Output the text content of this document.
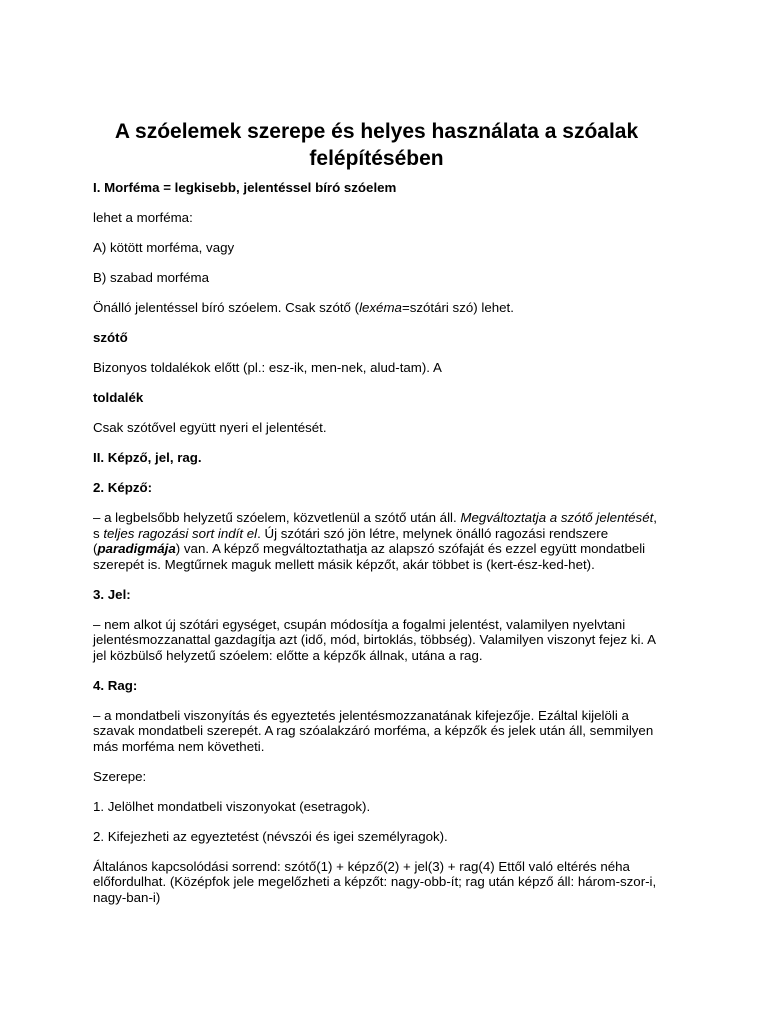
A szóelemek szerepe és helyes használata a szóalak felépítésében

I. Morféma = legkisebb, jelentéssel bíró szóelem

lehet a morféma:

A) kötött morféma, vagy

B) szabad morféma

Önálló jelentéssel bíró szóelem. Csak szótő (lexéma=szótári szó) lehet.

szótő

Bizonyos toldalékok előtt (pl.: esz-ik, men-nek, alud-tam). A

toldalék

Csak szótővel együtt nyeri el jelentését.

II. Képző, jel, rag.

2. Képző:

– a legbelsőbb helyzetű szóelem, közvetlenül a szótő után áll. Megváltoztatja a szótő jelentését, s teljes ragozási sort indít el. Új szótári szó jön létre, melynek önálló ragozási rendszere (paradigmája) van. A képző megváltoztathatja az alapszó szófaját és ezzel együtt mondatbeli szerepét is. Megtűrnek maguk mellett másik képzőt, akár többet is (kert-ész-ked-het).

3. Jel:

– nem alkot új szótári egységet, csupán módosítja a fogalmi jelentést, valamilyen nyelvtani jelentésmozzanattal gazdagítja azt (idő, mód, birtoklás, többség). Valamilyen viszonyt fejez ki. A jel közbülső helyzetű szóelem: előtte a képzők állnak, utána a rag.

4. Rag:

– a mondatbeli viszonyítás és egyeztetés jelentésmozzanatának kifejezője. Ezáltal kijelöli a szavak mondatbeli szerepét. A rag szóalakzáró morféma, a képzők és jelek után áll, semmilyen más morféma nem követheti.

Szerepe:

1. Jelölhet mondatbeli viszonyokat (esetragok).

2. Kifejezheti az egyeztetést (névszói és igei személyragok).

Általános kapcsolódási sorrend: szótő(1) + képző(2) + jel(3) + rag(4) Ettől való eltérés néha előfordulhat. (Középfok jele megelőzheti a képzőt: nagy-obb-ít; rag után képző áll: három-szor-i, nagy-ban-i)
